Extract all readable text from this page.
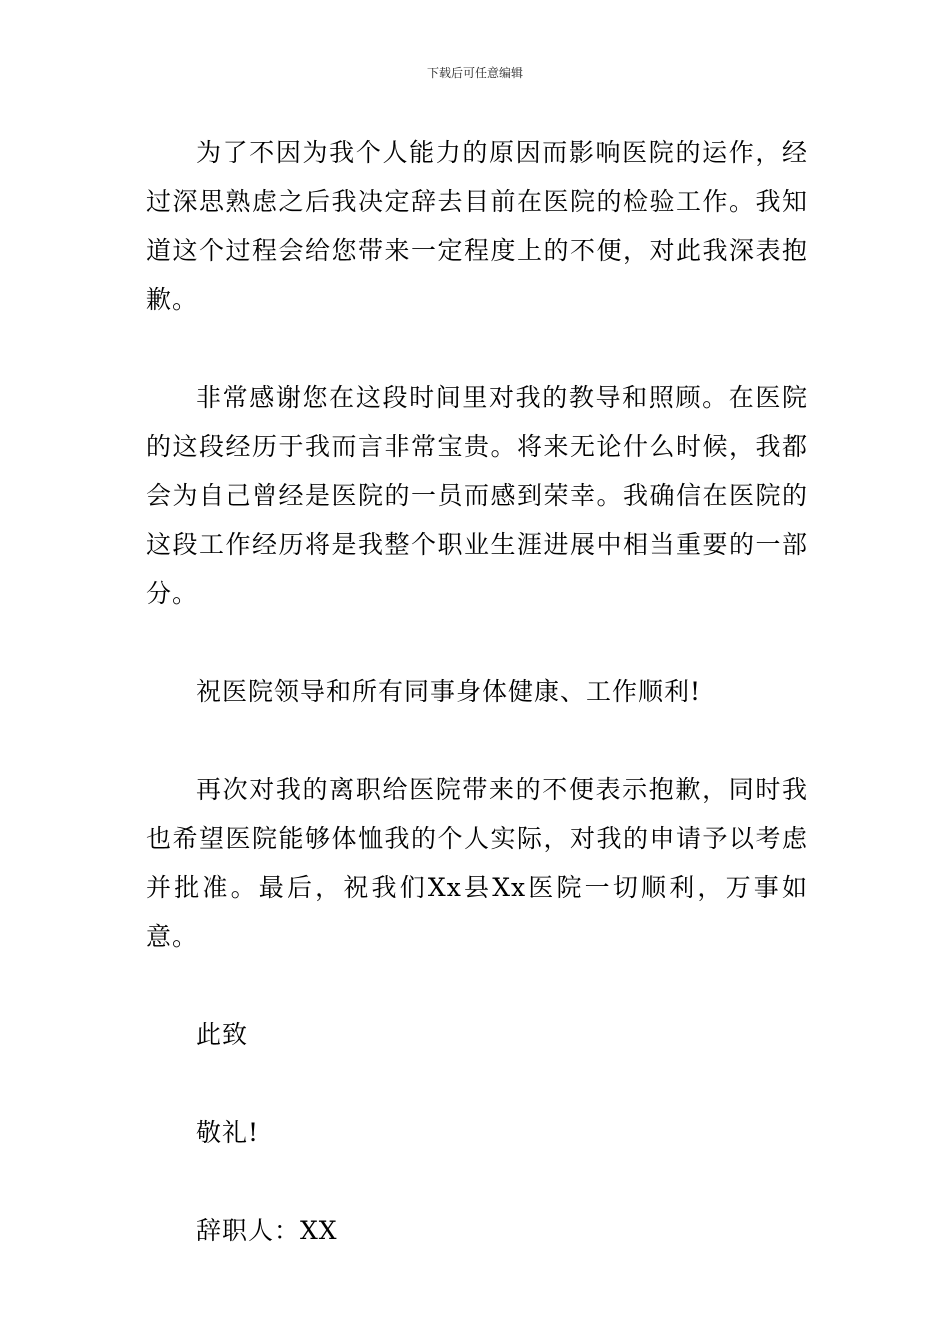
下载后可任意编辑

为了不因为我个人能力的原因而影响医院的运作，经过深思熟虑之后我决定辞去目前在医院的检验工作。我知道这个过程会给您带来一定程度上的不便，对此我深表抱歉。

非常感谢您在这段时间里对我的教导和照顾。在医院的这段经历于我而言非常宝贵。将来无论什么时候，我都会为自己曾经是医院的一员而感到荣幸。我确信在医院的这段工作经历将是我整个职业生涯进展中相当重要的一部分。

祝医院领导和所有同事身体健康、工作顺利!

再次对我的离职给医院带来的不便表示抱歉，同时我也希望医院能够体恤我的个人实际，对我的申请予以考虑并批准。最后，祝我们Xx县Xx医院一切顺利，万事如意。

此致

敬礼!

辞职人：XX
